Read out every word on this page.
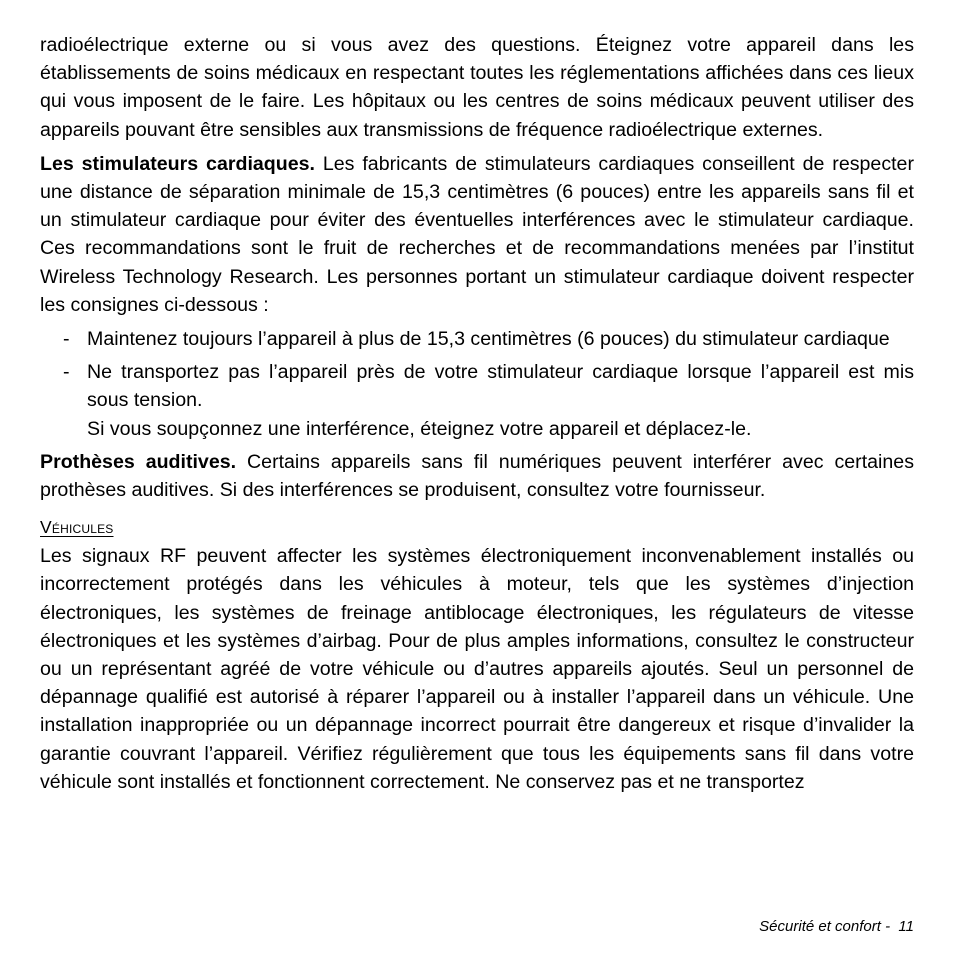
radioélectrique externe ou si vous avez des questions. Éteignez votre appareil dans les établissements de soins médicaux en respectant toutes les réglementations affichées dans ces lieux qui vous imposent de le faire. Les hôpitaux ou les centres de soins médicaux peuvent utiliser des appareils pouvant être sensibles aux transmissions de fréquence radioélectrique externes.

Les stimulateurs cardiaques. Les fabricants de stimulateurs cardiaques conseillent de respecter une distance de séparation minimale de 15,3 centimètres (6 pouces) entre les appareils sans fil et un stimulateur cardiaque pour éviter des éventuelles interférences avec le stimulateur cardiaque. Ces recommandations sont le fruit de recherches et de recommandations menées par l’institut Wireless Technology Research. Les personnes portant un stimulateur cardiaque doivent respecter les consignes ci-dessous :

- Maintenez toujours l’appareil à plus de 15,3 centimètres (6 pouces) du stimulateur cardiaque
- Ne transportez pas l’appareil près de votre stimulateur cardiaque lorsque l’appareil est mis sous tension.
Si vous soupçonnez une interférence, éteignez votre appareil et déplacez-le.

Prothèses auditives. Certains appareils sans fil numériques peuvent interférer avec certaines prothèses auditives. Si des interférences se produisent, consultez votre fournisseur.

Véhicules

Les signaux RF peuvent affecter les systèmes électroniquement inconvenablement installés ou incorrectement protégés dans les véhicules à moteur, tels que les systèmes d’injection électroniques, les systèmes de freinage antiblocage électroniques, les régulateurs de vitesse électroniques et les systèmes d’airbag. Pour de plus amples informations, consultez le constructeur ou un représentant agréé de votre véhicule ou d’autres appareils ajoutés. Seul un personnel de dépannage qualifié est autorisé à réparer l’appareil ou à installer l’appareil dans un véhicule. Une installation inappropriée ou un dépannage incorrect pourrait être dangereux et risque d’invalider la garantie couvrant l’appareil. Vérifiez régulièrement que tous les équipements sans fil dans votre véhicule sont installés et fonctionnent correctement. Ne conservez pas et ne transportez

Sécurité et confort - 11
